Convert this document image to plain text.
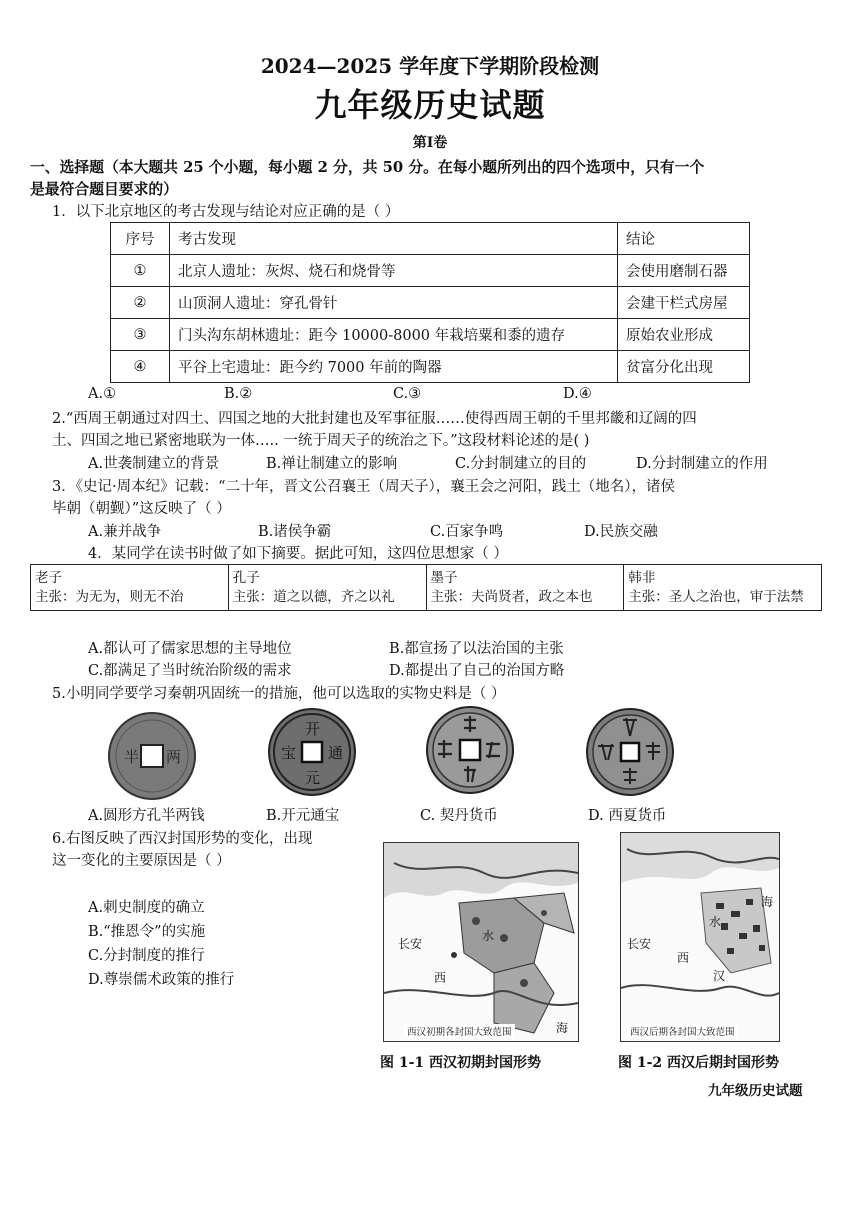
2024—2025 学年度下学期阶段检测
九年级历史试题
第Ⅰ卷
一、选择题（本大题共 25 个小题，每小题 2 分，共 50 分。在每小题所列出的四个选项中，只有一个
是最符合题目要求的）
1．以下北京地区的考古发现与结论对应正确的是（ ）
序号	考古发现	结论
①	北京人遗址：灰烬、烧石和烧骨等	会使用磨制石器
②	山顶洞人遗址：穿孔骨针	会建干栏式房屋
③	门头沟东胡林遗址：距今 10000-8000 年栽培粟和黍的遗存	原始农业形成
④	平谷上宅遗址：距今约 7000 年前的陶器	贫富分化出现
A.①	B.②	C.③	D.④
2.“西周王朝通过对四土、四国之地的大批封建也及军事征服……使得西周王朝的千里邦畿和辽阔的四
土、四国之地已紧密地联为一体….. 一统于周天子的统治之下。”这段材料论述的是( )
A.世袭制建立的背景	B.禅让制建立的影响	C.分封制建立的目的	D.分封制建立的作用
3．《史记·周本纪》记载：“二十年，晋文公召襄王（周天子），襄王会之河阳，践土（地名），诸侯
毕朝（朝觐）”这反映了（ ）
A.兼并战争	B.诸侯争霸	C.百家争鸣	D.民族交融
4．某同学在读书时做了如下摘要。据此可知，这四位思想家（ ）
老子
主张：为无为，则无不治

孔子
主张：道之以德，齐之以礼

墨子
主张：夫尚贤者，政之本也

韩非
主张：圣人之治也，审于法禁
A.都认可了儒家思想的主导地位	B.都宣扬了以法治国的主张
C.都满足了当时统治阶级的需求	D.都提出了自己的治国方略
5.小明同学要学习秦朝巩固统一的措施，他可以选取的实物史料是（ ）
半 两
开
元
通
宝
A.圆形方孔半两钱	B.开元通宝	C. 契丹货币	D. 西夏货币
6.右图反映了西汉封国形势的变化，出现
这一变化的主要原因是（ ）
A.刺史制度的确立
B.“推恩令”的实施
C.分封制度的推行
D.尊崇儒术政策的推行
长安
西
水
海
西汉初期各封国大致范围
图 1-1 西汉初期封国形势
长安
西
汉
海
水
西汉后期各封国大致范围
图 1-2 西汉后期封国形势
九年级历史试题
